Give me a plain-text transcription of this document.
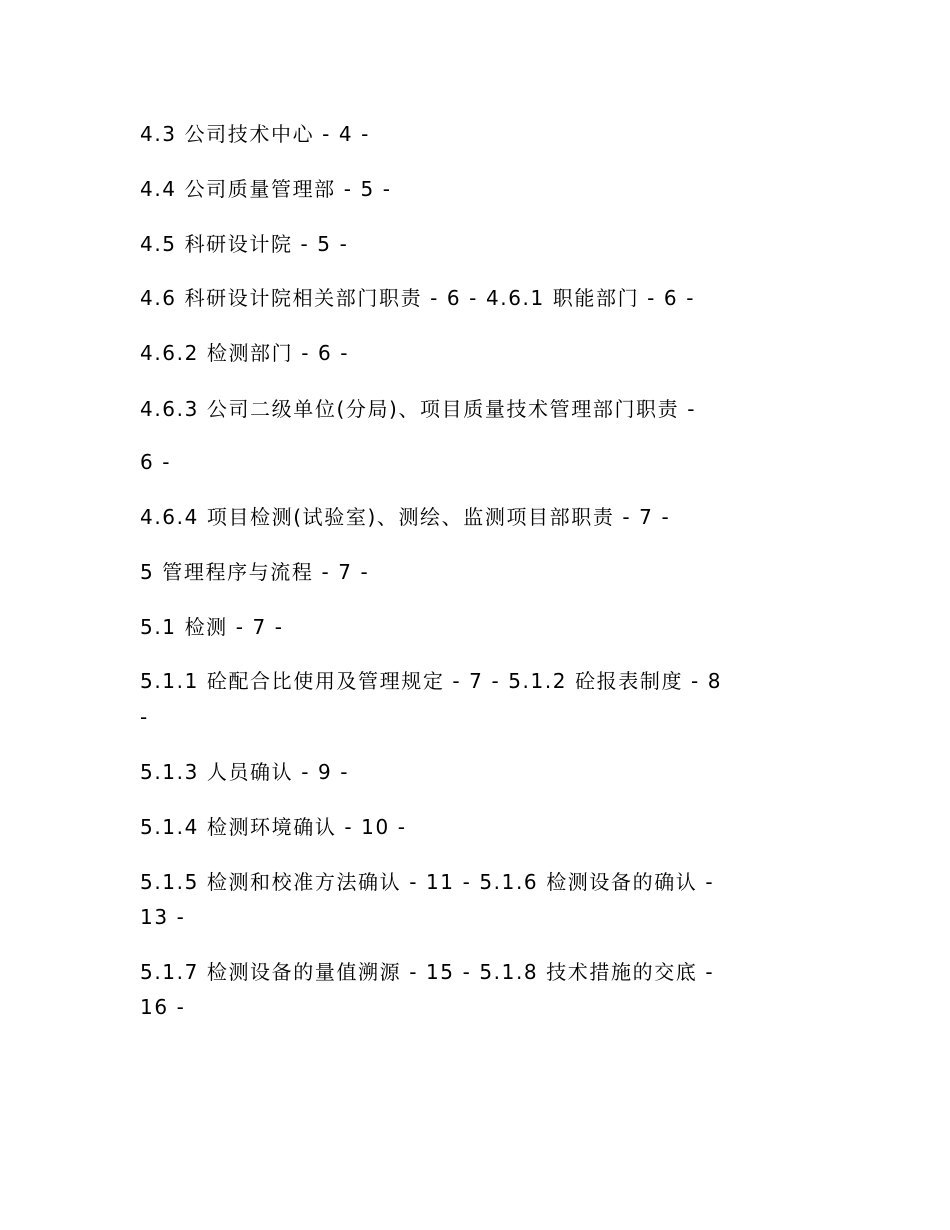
4.3 公司技术中心 - 4 -
4.4 公司质量管理部 - 5 -
4.5 科研设计院 - 5 -
4.6 科研设计院相关部门职责 - 6 - 4.6.1 职能部门 - 6 -
4.6.2 检测部门 - 6 -
4.6.3 公司二级单位(分局)、项目质量技术管理部门职责 -
6 -
4.6.4 项目检测(试验室)、测绘、监测项目部职责 - 7 -
5 管理程序与流程 - 7 -
5.1 检测 - 7 -
5.1.1 砼配合比使用及管理规定 - 7 - 5.1.2 砼报表制度 - 8
-
5.1.3 人员确认 - 9 -
5.1.4 检测环境确认 - 10 -
5.1.5 检测和校准方法确认 - 11 - 5.1.6 检测设备的确认 -
13 -
5.1.7 检测设备的量值溯源 - 15 - 5.1.8 技术措施的交底 -
16 -
